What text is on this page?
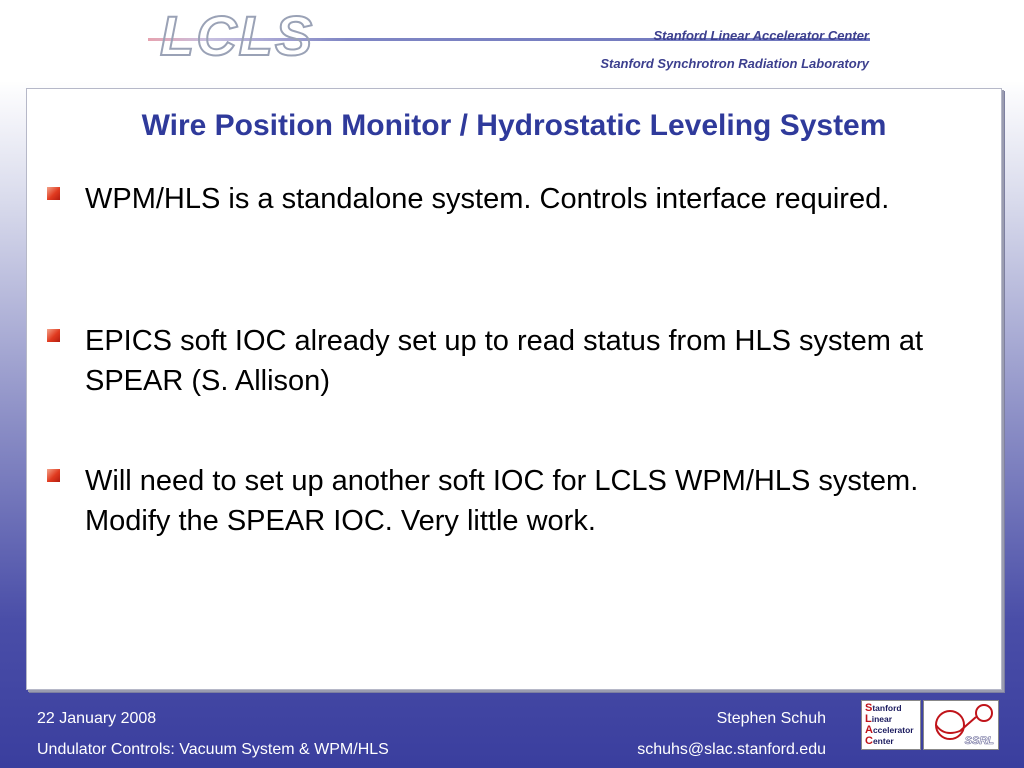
LCLS	Stanford Linear Accelerator Center
Stanford Synchrotron Radiation Laboratory
Wire Position Monitor / Hydrostatic Leveling System
WPM/HLS is a standalone system. Controls interface required.
EPICS soft IOC already set up to read status from HLS system at SPEAR (S. Allison)
Will need to set up another soft IOC for LCLS WPM/HLS system. Modify the SPEAR IOC. Very little work.
22 January 2008
Undulator Controls: Vacuum System & WPM/HLS
Stephen Schuh
schuhs@slac.stanford.edu
Stanford
Linear
Accelerator
Center	SSRL
